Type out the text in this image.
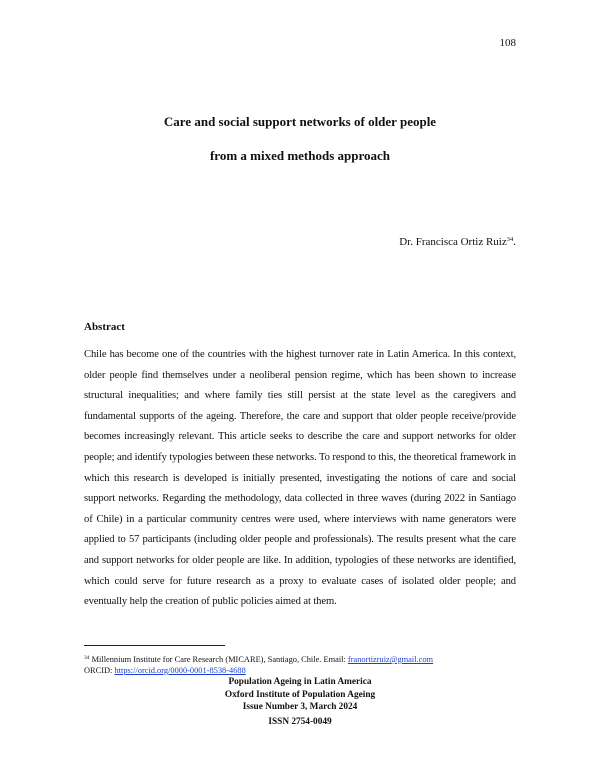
108
Care and social support networks of older people
from a mixed methods approach
Dr. Francisca Ortiz Ruiz$^{34}$.
Abstract
Chile has become one of the countries with the highest turnover rate in Latin America. In this context, older people find themselves under a neoliberal pension regime, which has been shown to increase structural inequalities; and where family ties still persist at the state level as the caregivers and fundamental supports of the ageing. Therefore, the care and support that older people receive/provide becomes increasingly relevant. This article seeks to describe the care and support networks for older people; and identify typologies between these networks. To respond to this, the theoretical framework in which this research is developed is initially presented, investigating the notions of care and social support networks. Regarding the methodology, data collected in three waves (during 2022 in Santiago of Chile) in a particular community centres were used, where interviews with name generators were applied to 57 participants (including older people and professionals). The results present what the care and support networks for older people are like. In addition, typologies of these networks are identified, which could serve for future research as a proxy to evaluate cases of isolated older people; and eventually help the creation of public policies aimed at them.
$^{34}$ Millennium Institute for Care Research (MICARE), Santiago, Chile. Email: franortizruiz@gmail.com
ORCID: https://orcid.org/0000-0001-8538-4688
Population Ageing in Latin America
Oxford Institute of Population Ageing
Issue Number 3, March 2024
ISSN 2754-0049
